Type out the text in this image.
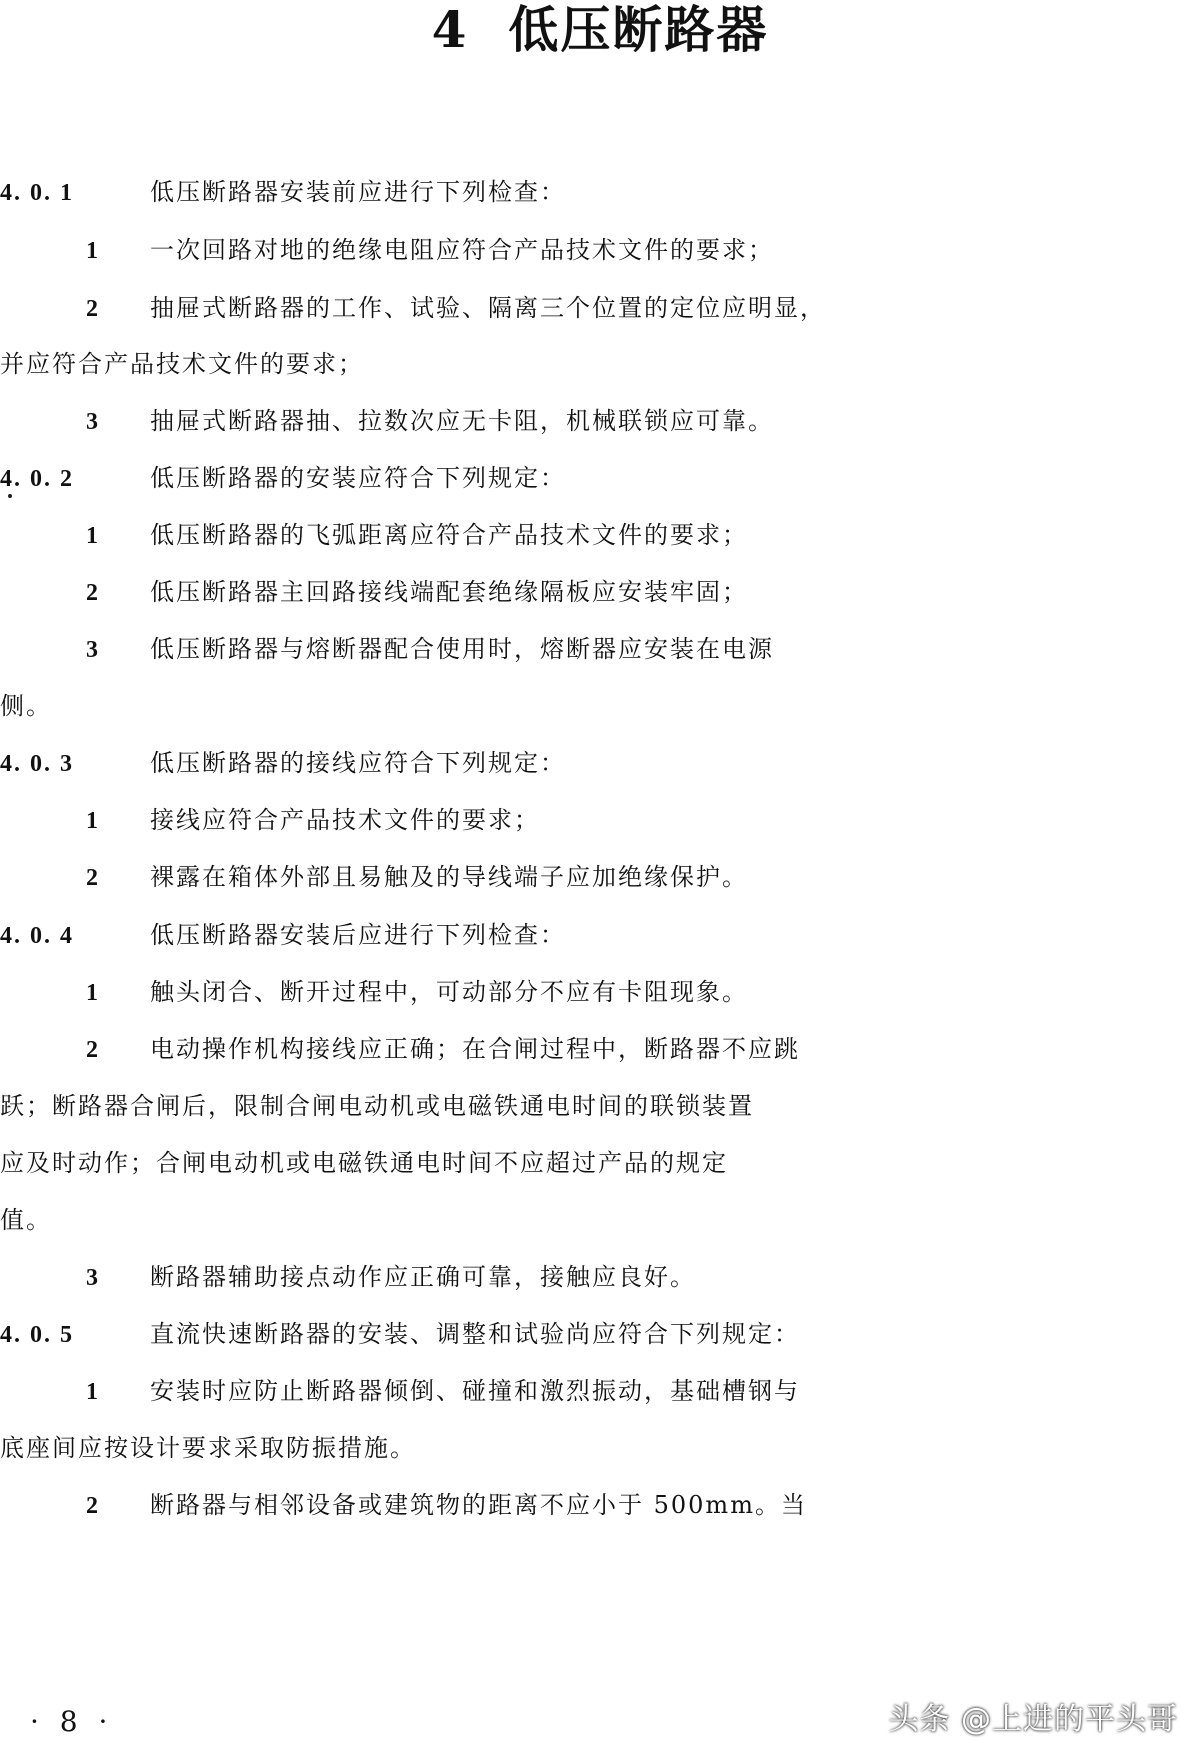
4 低压断路器
4. 0. 1	低压断路器安装前应进行下列检查：
1 一次回路对地的绝缘电阻应符合产品技术文件的要求；
2 抽屉式断路器的工作、试验、隔离三个位置的定位应明显，
并应符合产品技术文件的要求；
3 抽屉式断路器抽、拉数次应无卡阻，机械联锁应可靠。
4. 0. 2	低压断路器的安装应符合下列规定：
1 低压断路器的飞弧距离应符合产品技术文件的要求；
2 低压断路器主回路接线端配套绝缘隔板应安装牢固；
3 低压断路器与熔断器配合使用时，熔断器应安装在电源
侧。
4. 0. 3	低压断路器的接线应符合下列规定：
1 接线应符合产品技术文件的要求；
2 裸露在箱体外部且易触及的导线端子应加绝缘保护。
4. 0. 4	低压断路器安装后应进行下列检查：
1 触头闭合、断开过程中，可动部分不应有卡阻现象。
2 电动操作机构接线应正确；在合闸过程中，断路器不应跳
跃；断路器合闸后，限制合闸电动机或电磁铁通电时间的联锁装置
应及时动作；合闸电动机或电磁铁通电时间不应超过产品的规定
值。
3 断路器辅助接点动作应正确可靠，接触应良好。
4. 0. 5	直流快速断路器的安装、调整和试验尚应符合下列规定：
1 安装时应防止断路器倾倒、碰撞和激烈振动，基础槽钢与
底座间应按设计要求采取防振措施。
2 断路器与相邻设备或建筑物的距离不应小于 500mm。当
· 8 ·	头条 @上进的平头哥
